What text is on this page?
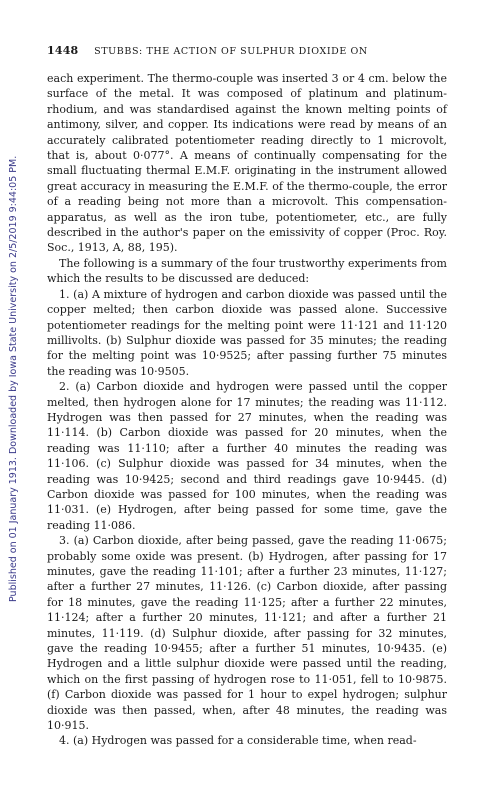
1448 STUBBS: THE ACTION OF SULPHUR DIOXIDE ON
Published on 01 January 1913. Downloaded by Iowa State University on 2/5/2019 9:44:05 PM.

each experiment. The thermo-couple was inserted 3 or 4 cm. below the surface of the metal. It was composed of platinum and platinum-rhodium, and was standardised against the known melting points of antimony, silver, and copper. Its indications were read by means of an accurately calibrated potentiometer reading directly to 1 microvolt, that is, about 0·077°. A means of continually compensating for the small fluctuating thermal E.M.F. originating in the instrument allowed great accuracy in measuring the E.M.F. of the thermo-couple, the error of a reading being not more than a microvolt. This compensation-apparatus, as well as the iron tube, potentiometer, etc., are fully described in the author's paper on the emissivity of copper (Proc. Roy. Soc., 1913, A, 88, 195).

The following is a summary of the four trustworthy experiments from which the results to be discussed are deduced:

1. (a) A mixture of hydrogen and carbon dioxide was passed until the copper melted; then carbon dioxide was passed alone. Successive potentiometer readings for the melting point were 11·121 and 11·120 millivolts. (b) Sulphur dioxide was passed for 35 minutes; the reading for the melting point was 10·9525; after passing further 75 minutes the reading was 10·9505.

2. (a) Carbon dioxide and hydrogen were passed until the copper melted, then hydrogen alone for 17 minutes; the reading was 11·112. Hydrogen was then passed for 27 minutes, when the reading was 11·114. (b) Carbon dioxide was passed for 20 minutes, when the reading was 11·110; after a further 40 minutes the reading was 11·106. (c) Sulphur dioxide was passed for 34 minutes, when the reading was 10·9425; second and third readings gave 10·9445. (d) Carbon dioxide was passed for 100 minutes, when the reading was 11·031. (e) Hydrogen, after being passed for some time, gave the reading 11·086.

3. (a) Carbon dioxide, after being passed, gave the reading 11·0675; probably some oxide was present. (b) Hydrogen, after passing for 17 minutes, gave the reading 11·101; after a further 23 minutes, 11·127; after a further 27 minutes, 11·126. (c) Carbon dioxide, after passing for 18 minutes, gave the reading 11·125; after a further 22 minutes, 11·124; after a further 20 minutes, 11·121; and after a further 21 minutes, 11·119. (d) Sulphur dioxide, after passing for 32 minutes, gave the reading 10·9455; after a further 51 minutes, 10·9435. (e) Hydrogen and a little sulphur dioxide were passed until the reading, which on the first passing of hydrogen rose to 11·051, fell to 10·9875. (f) Carbon dioxide was passed for 1 hour to expel hydrogen; sulphur dioxide was then passed, when, after 48 minutes, the reading was 10·915.

4. (a) Hydrogen was passed for a considerable time, when read-
